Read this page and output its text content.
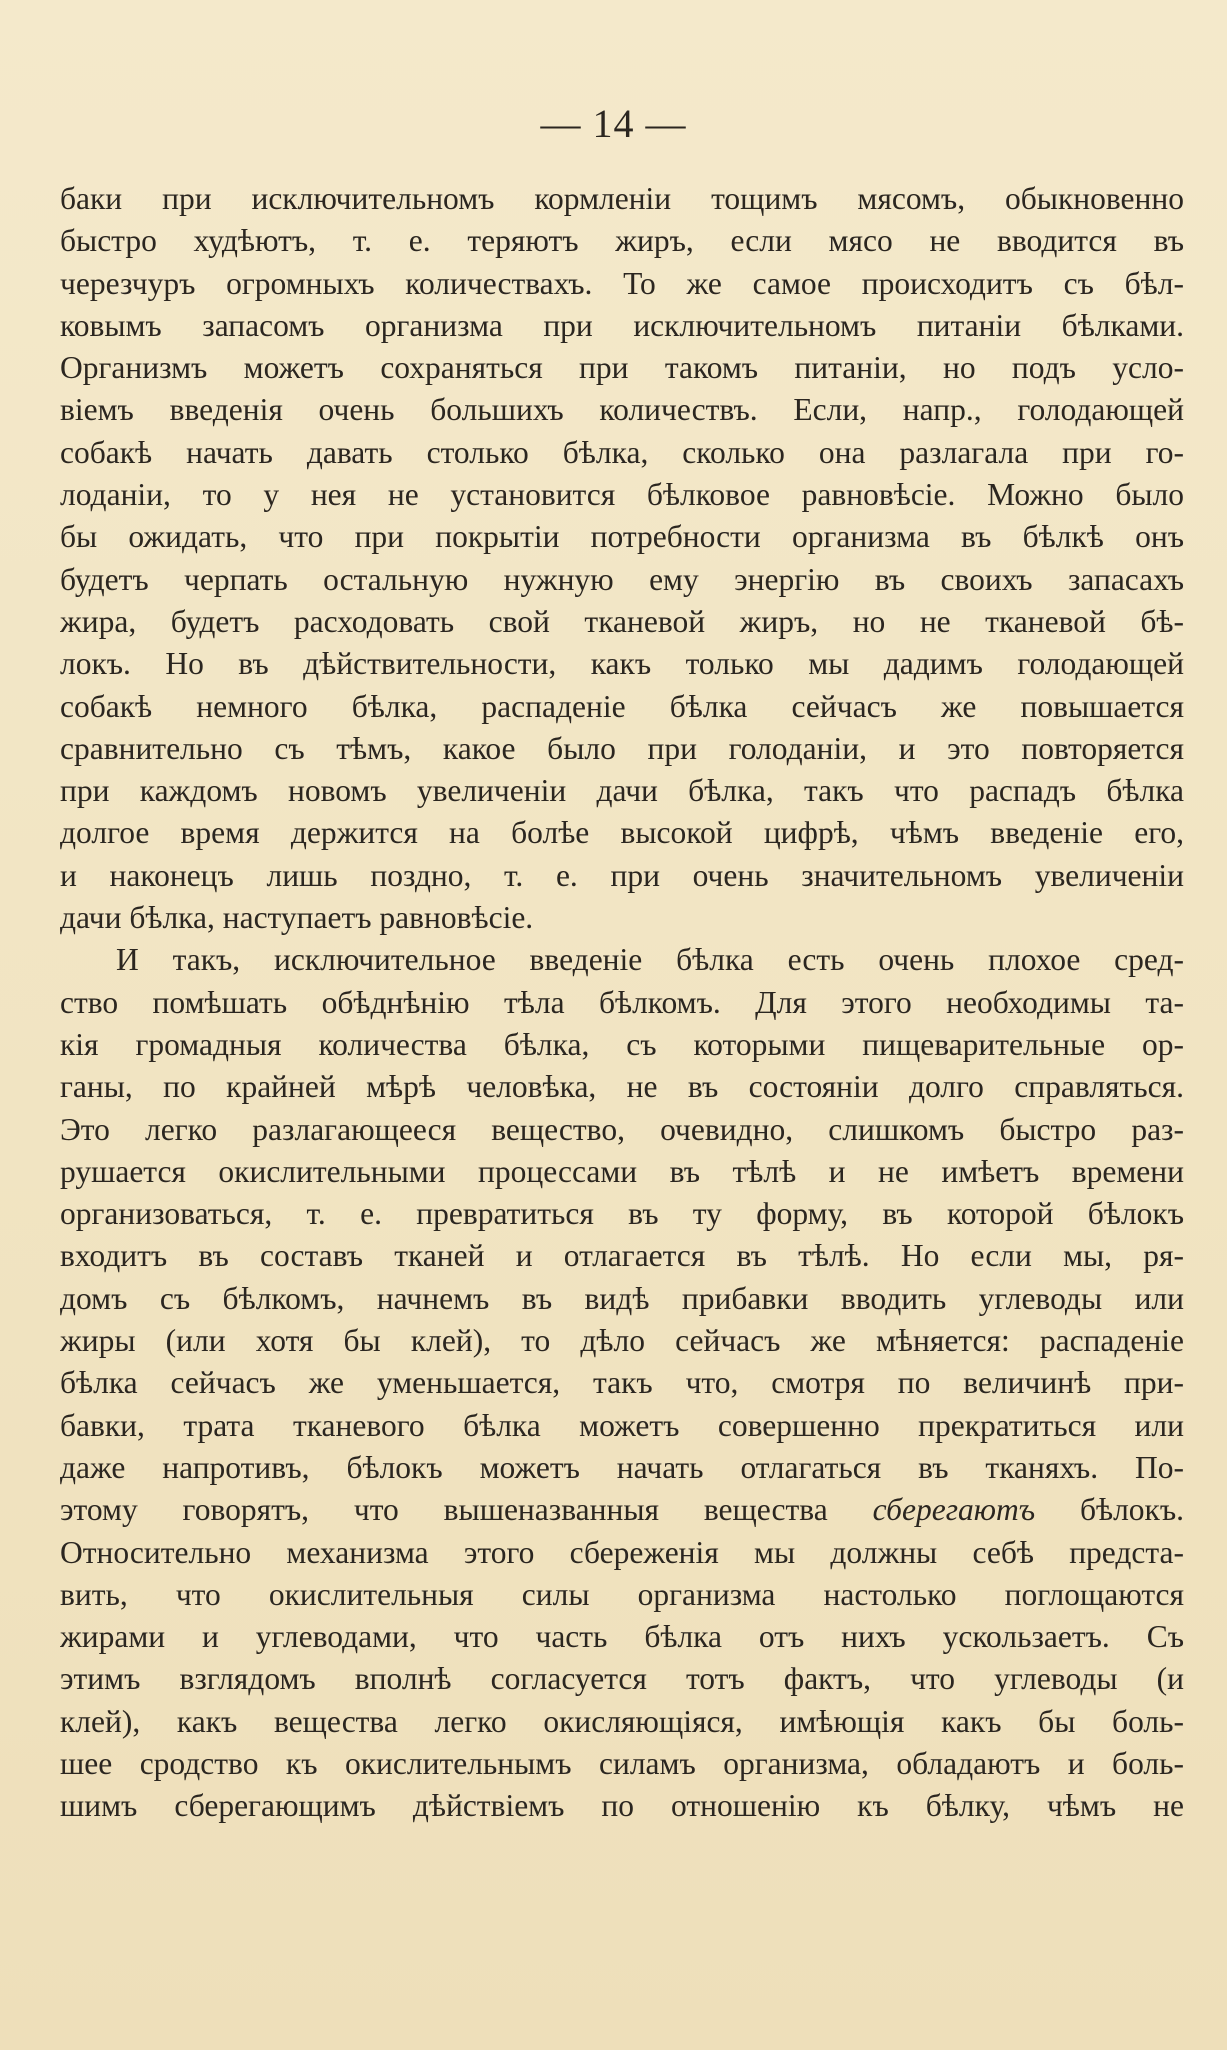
— 14 —
баки при исключительномъ кормленіи тощимъ мясомъ, обыкновенно
быстро худѣютъ, т. е. теряютъ жиръ, если мясо не вводится въ
черезчуръ огромныхъ количествахъ. То же самое происходитъ съ бѣл-
ковымъ запасомъ организма при исключительномъ питаніи бѣлками.
Организмъ можетъ сохраняться при такомъ питаніи, но подъ усло-
віемъ введенія очень большихъ количествъ. Если, напр., голодающей
собакѣ начать давать столько бѣлка, сколько она разлагала при го-
лоданіи, то у нея не установится бѣлковое равновѣсіе. Можно было
бы ожидать, что при покрытіи потребности организма въ бѣлкѣ онъ
будетъ черпать остальную нужную ему энергію въ своихъ запасахъ
жира, будетъ расходовать свой тканевой жиръ, но не тканевой бѣ-
локъ. Но въ дѣйствительности, какъ только мы дадимъ голодающей
собакѣ немного бѣлка, распаденіе бѣлка сейчасъ же повышается
сравнительно съ тѣмъ, какое было при голоданіи, и это повторяется
при каждомъ новомъ увеличеніи дачи бѣлка, такъ что распадъ бѣлка
долгое время держится на болѣе высокой цифрѣ, чѣмъ введеніе его,
и наконецъ лишь поздно, т. е. при очень значительномъ увеличеніи
дачи бѣлка, наступаетъ равновѣсіе.
И такъ, исключительное введеніе бѣлка есть очень плохое сред-
ство помѣшать обѣднѣнію тѣла бѣлкомъ. Для этого необходимы та-
кія громадныя количества бѣлка, съ которыми пищеварительные ор-
ганы, по крайней мѣрѣ человѣка, не въ состояніи долго справляться.
Это легко разлагающееся вещество, очевидно, слишкомъ быстро раз-
рушается окислительными процессами въ тѣлѣ и не имѣетъ времени
организоваться, т. е. превратиться въ ту форму, въ которой бѣлокъ
входитъ въ составъ тканей и отлагается въ тѣлѣ. Но если мы, ря-
домъ съ бѣлкомъ, начнемъ въ видѣ прибавки вводить углеводы или
жиры (или хотя бы клей), то дѣло сейчасъ же мѣняется: распаденіе
бѣлка сейчасъ же уменьшается, такъ что, смотря по величинѣ при-
бавки, трата тканевого бѣлка можетъ совершенно прекратиться или
даже напротивъ, бѣлокъ можетъ начать отлагаться въ тканяхъ. По-
этому говорятъ, что вышеназванныя вещества сберегаютъ бѣлокъ.
Относительно механизма этого сбереженія мы должны себѣ предста-
вить, что окислительныя силы организма настолько поглощаются
жирами и углеводами, что часть бѣлка отъ нихъ ускользаетъ. Съ
этимъ взглядомъ вполнѣ согласуется тотъ фактъ, что углеводы (и
клей), какъ вещества легко окисляющіяся, имѣющія какъ бы боль-
шее сродство къ окислительнымъ силамъ организма, обладаютъ и боль-
шимъ сберегающимъ дѣйствіемъ по отношенію къ бѣлку, чѣмъ не
